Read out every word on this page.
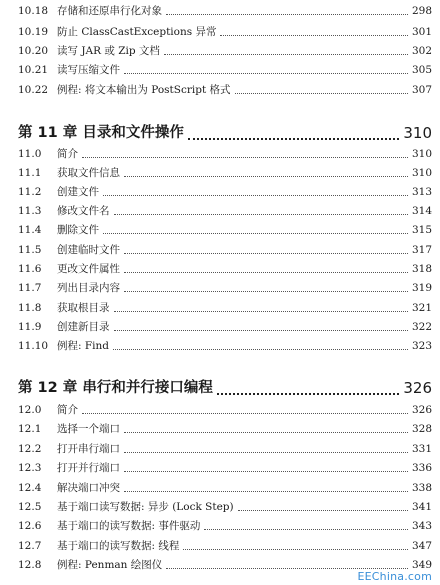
10.18 存储和还原串行化对象	298
10.19 防止 ClassCastExceptions 异常	301
10.20 读写 JAR 或 Zip 文档	302
10.21 读写压缩文件	305
10.22 例程: 将文本输出为 PostScript 格式	307
第 11 章 目录和文件操作	310
11.0 简介	310
11.1 获取文件信息	310
11.2 创建文件	313
11.3 修改文件名	314
11.4 删除文件	315
11.5 创建临时文件	317
11.6 更改文件属性	318
11.7 列出目录内容	319
11.8 获取根目录	321
11.9 创建新目录	322
11.10 例程: Find	323
第 12 章 串行和并行接口编程	326
12.0 简介	326
12.1 选择一个端口	328
12.2 打开串行端口	331
12.3 打开并行端口	336
12.4 解决端口冲突	338
12.5 基于端口读写数据: 异步 (Lock Step)	341
12.6 基于端口的读写数据: 事件驱动	343
12.7 基于端口的读写数据: 线程	347
12.8 例程: Penman 绘图仪	349
EEChina.com
